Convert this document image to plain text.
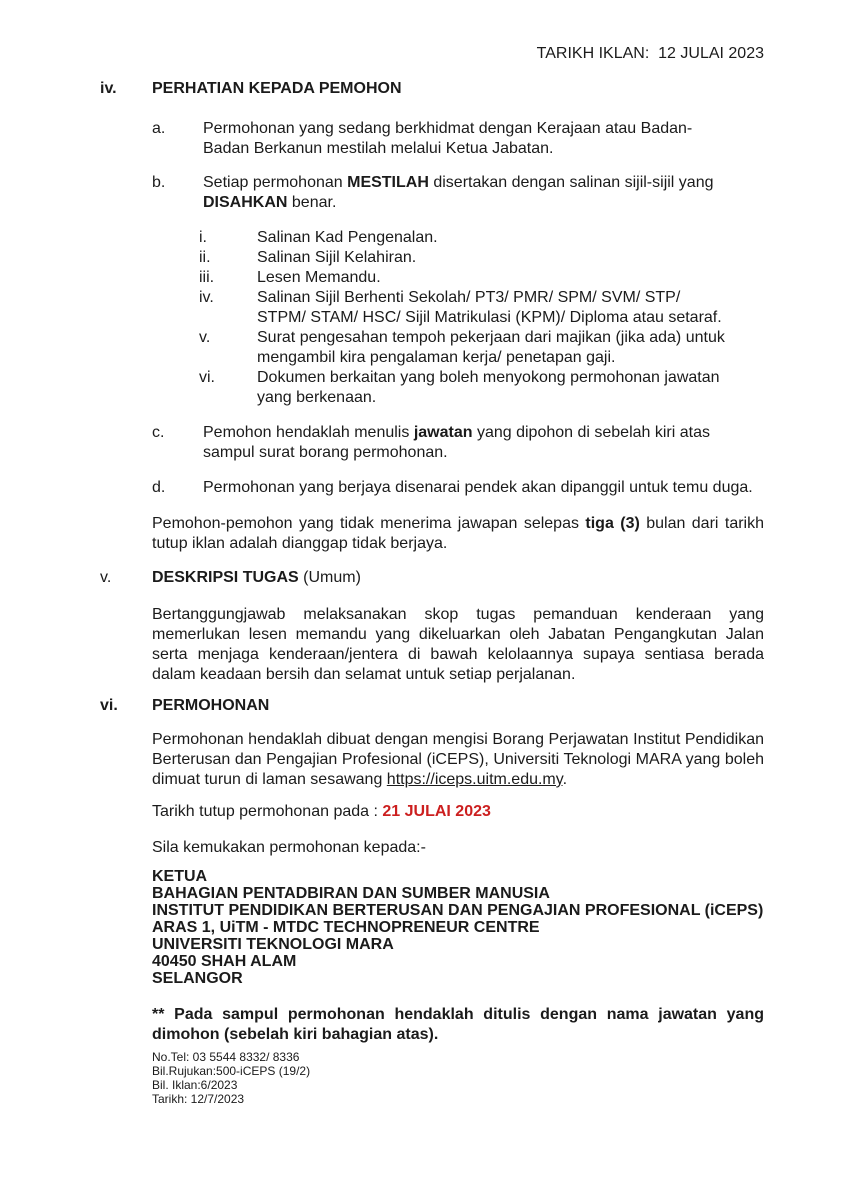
TARIKH IKLAN:  12 JULAI 2023
iv.	PERHATIAN KEPADA PEMOHON
a.	Permohonan yang sedang berkhidmat dengan Kerajaan atau Badan-Badan Berkanun mestilah melalui Ketua Jabatan.
b.	Setiap permohonan MESTILAH disertakan dengan salinan sijil-sijil yang DISAHKAN benar.
i.	Salinan Kad Pengenalan.
ii.	Salinan Sijil Kelahiran.
iii.	Lesen Memandu.
iv.	Salinan Sijil Berhenti Sekolah/ PT3/ PMR/ SPM/ SVM/ STP/ STPM/ STAM/ HSC/ Sijil Matrikulasi (KPM)/ Diploma atau setaraf.
v.	Surat pengesahan tempoh pekerjaan dari majikan (jika ada) untuk mengambil kira pengalaman kerja/ penetapan gaji.
vi.	Dokumen berkaitan yang boleh menyokong permohonan jawatan yang berkenaan.
c.	Pemohon hendaklah menulis jawatan yang dipohon di sebelah kiri atas sampul surat borang permohonan.
d.	Permohonan yang berjaya disenarai pendek akan dipanggil untuk temu duga.
Pemohon-pemohon yang tidak menerima jawapan selepas tiga (3) bulan dari tarikh tutup iklan adalah dianggap tidak berjaya.
v.	DESKRIPSI TUGAS (Umum)
Bertanggungjawab melaksanakan skop tugas pemanduan kenderaan yang memerlukan lesen memandu yang dikeluarkan oleh Jabatan Pengangkutan Jalan serta menjaga kenderaan/jentera di bawah kelolaannya supaya sentiasa berada dalam keadaan bersih dan selamat untuk setiap perjalanan.
vi.	PERMOHONAN
Permohonan hendaklah dibuat dengan mengisi Borang Perjawatan Institut Pendidikan Berterusan dan Pengajian Profesional (iCEPS), Universiti Teknologi MARA yang boleh dimuat turun di laman sesawang https://iceps.uitm.edu.my.
Tarikh tutup permohonan pada : 21 JULAI 2023
Sila kemukakan permohonan kepada:-
KETUA
BAHAGIAN PENTADBIRAN DAN SUMBER MANUSIA
INSTITUT PENDIDIKAN BERTERUSAN DAN PENGAJIAN PROFESIONAL (iCEPS)
ARAS 1, UiTM - MTDC TECHNOPRENEUR CENTRE
UNIVERSITI TEKNOLOGI MARA
40450 SHAH ALAM
SELANGOR
** Pada sampul permohonan hendaklah ditulis dengan nama jawatan yang dimohon (sebelah kiri bahagian atas).
No.Tel: 03 5544 8332/ 8336
Bil.Rujukan:500-iCEPS (19/2)
Bil. Iklan:6/2023
Tarikh: 12/7/2023
